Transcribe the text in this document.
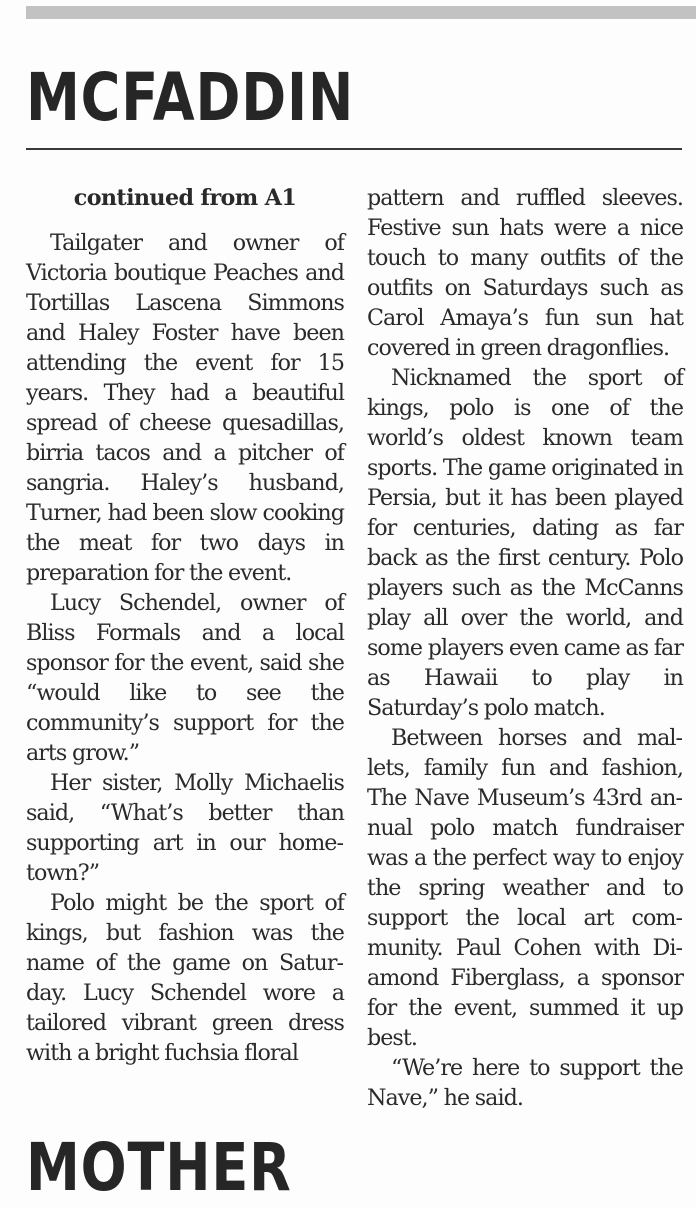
MCFADDIN
continued from A1

Tailgater and owner of Victoria boutique Peaches and Tortillas Lascena Simmons and Haley Foster have been attending the event for 15 years. They had a beautiful spread of cheese quesadillas, birria tacos and a pitcher of sangria. Haley’s husband, Turner, had been slow cooking the meat for two days in preparation for the event.

Lucy Schendel, owner of Bliss Formals and a local sponsor for the event, said she “would like to see the community’s support for the arts grow.”

Her sister, Molly Michaelis said, “What’s better than supporting art in our hometown?”

Polo might be the sport of kings, but fashion was the name of the game on Saturday. Lucy Schendel wore a tailored vibrant green dress with a bright fuchsia floral

pattern and ruffled sleeves. Festive sun hats were a nice touch to many outfits of the outfits on Saturdays such as Carol Amaya’s fun sun hat covered in green dragonflies.

Nicknamed the sport of kings, polo is one of the world’s oldest known team sports. The game originated in Persia, but it has been played for centuries, dating as far back as the first century. Polo players such as the McCanns play all over the world, and some players even came as far as Hawaii to play in Saturday’s polo match.

Between horses and mallets, family fun and fashion, The Nave Museum’s 43rd annual polo match fundraiser was a the perfect way to enjoy the spring weather and to support the local art community. Paul Cohen with Diamond Fiberglass, a sponsor for the event, summed it up best.

“We’re here to support the Nave,” he said.

MOTHER
